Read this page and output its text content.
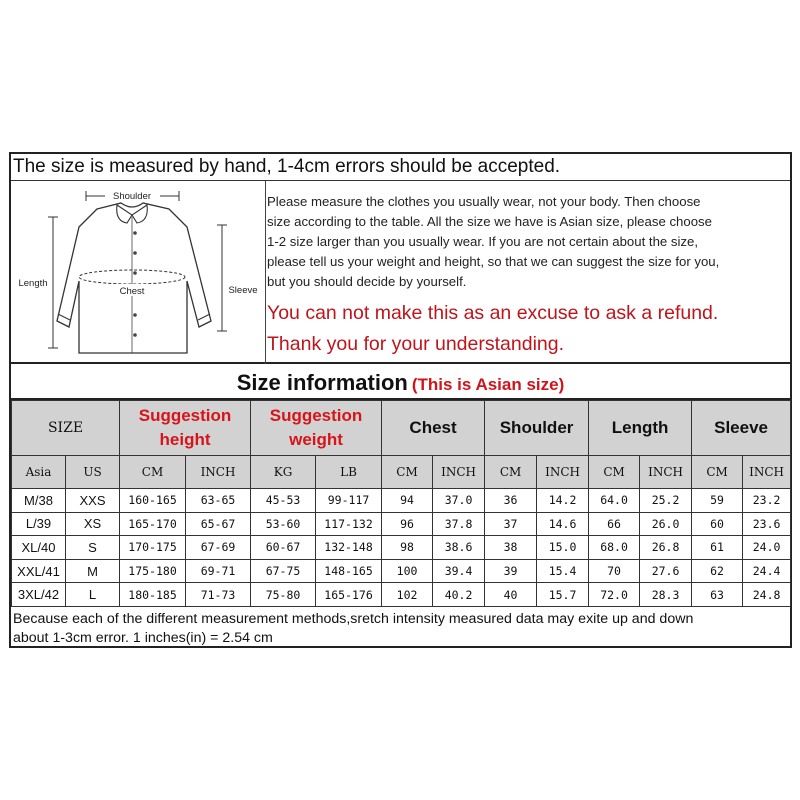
The size is measured by hand, 1-4cm errors should be accepted.
Shoulder
Length
Sleeve
Chest
Please measure the clothes you usually wear, not your body. Then choose
size according to the table. All the size we have is Asian size, please choose
1-2 size larger than you usually wear. If you are not certain about the size,
please tell us your weight and height, so that we can suggest the size for you,
but you should decide by yourself.
You can not make this as an excuse to ask a refund.
Thank you for your understanding.
Size information (This is Asian size)
SIZE		Suggestion height		Suggestion weight		Chest		Shoulder		Length		Sleeve	
Asia	US	CM	INCH	KG	LB	CM	INCH	CM	INCH	CM	INCH	CM	INCH
M/38	XXS	160-165	63-65	45-53	99-117	94	37.0	36	14.2	64.0	25.2	59	23.2
L/39	XS	165-170	65-67	53-60	117-132	96	37.8	37	14.6	66	26.0	60	23.6
XL/40	S	170-175	67-69	60-67	132-148	98	38.6	38	15.0	68.0	26.8	61	24.0
XXL/41	M	175-180	69-71	67-75	148-165	100	39.4	39	15.4	70	27.6	62	24.4
3XL/42	L	180-185	71-73	75-80	165-176	102	40.2	40	15.7	72.0	28.3	63	24.8
Because each of the different measurement methods,sretch intensity measured data may exite up and down
about 1-3cm error. 1 inches(in) = 2.54 cm
